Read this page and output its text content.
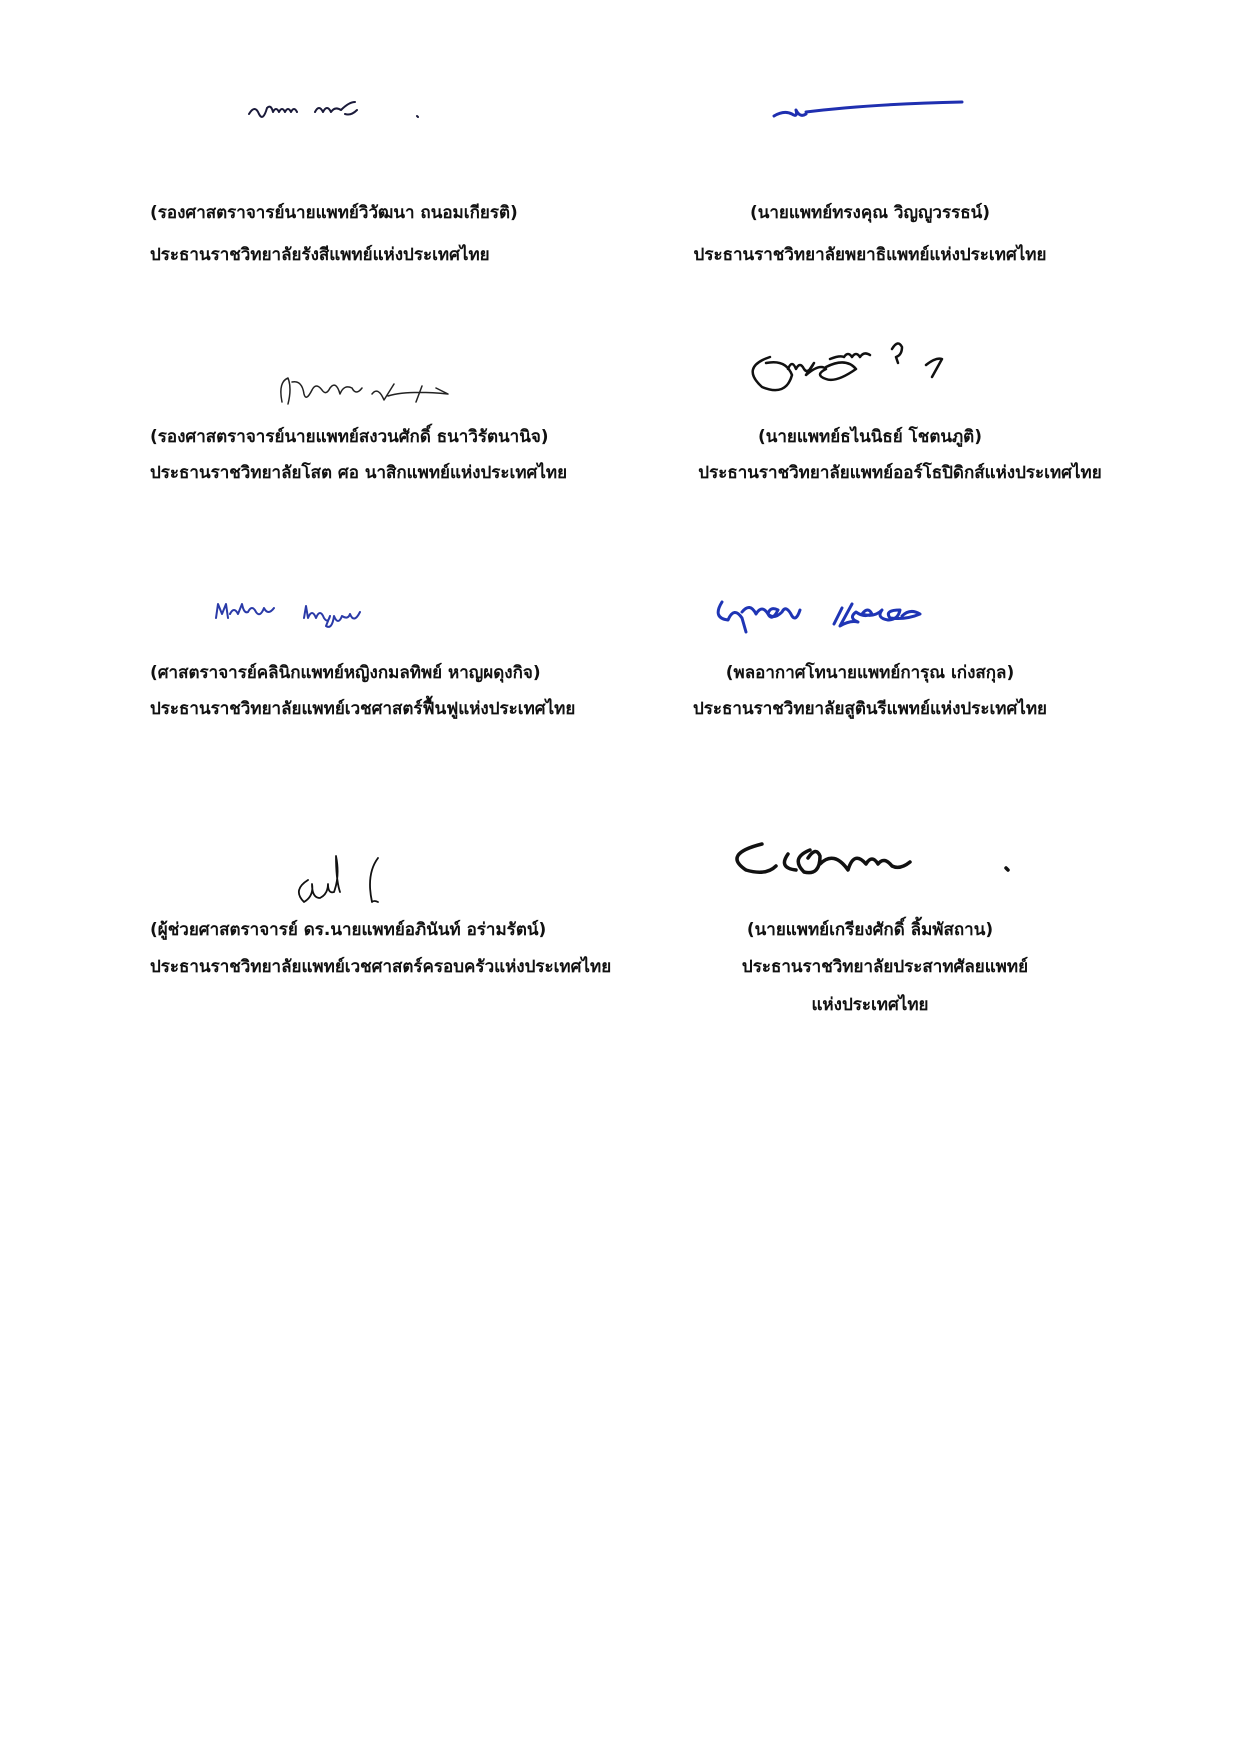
(รองศาสตราจารย์นายแพทย์วิวัฒนา ถนอมเกียรติ)
ประธานราชวิทยาลัยรังสีแพทย์แห่งประเทศไทย
(นายแพทย์ทรงคุณ วิญญูวรรธน์)
ประธานราชวิทยาลัยพยาธิแพทย์แห่งประเทศไทย
(รองศาสตราจารย์นายแพทย์สงวนศักดิ์ ธนาวิรัตนานิจ)
ประธานราชวิทยาลัยโสต ศอ นาสิกแพทย์แห่งประเทศไทย
(นายแพทย์ธไนนิธย์ โชตนภูติ)
ประธานราชวิทยาลัยแพทย์ออร์โธปิดิกส์แห่งประเทศไทย
(ศาสตราจารย์คลินิกแพทย์หญิงกมลทิพย์ หาญผดุงกิจ)
ประธานราชวิทยาลัยแพทย์เวชศาสตร์ฟื้นฟูแห่งประเทศไทย
(พลอากาศโทนายแพทย์การุณ เก่งสกุล)
ประธานราชวิทยาลัยสูตินรีแพทย์แห่งประเทศไทย
(ผู้ช่วยศาสตราจารย์ ดร.นายแพทย์อภินันท์ อร่ามรัตน์)
ประธานราชวิทยาลัยแพทย์เวชศาสตร์ครอบครัวแห่งประเทศไทย
(นายแพทย์เกรียงศักดิ์ ลิ้มพัสถาน)
ประธานราชวิทยาลัยประสาทศัลยแพทย์
แห่งประเทศไทย
